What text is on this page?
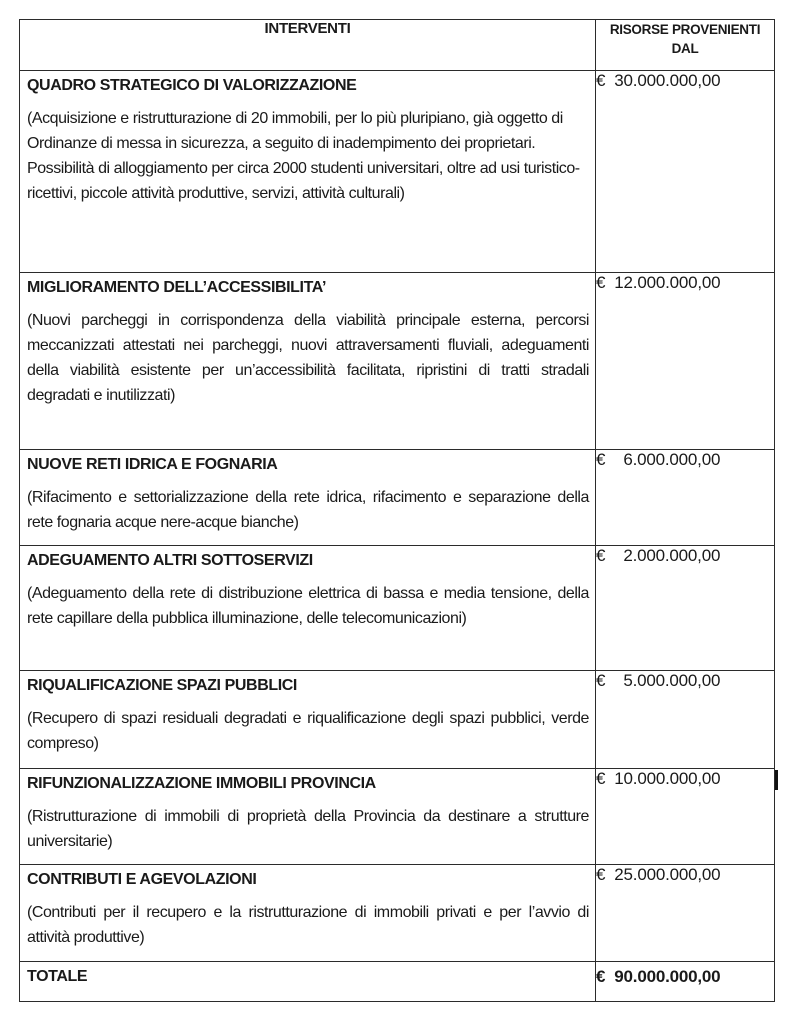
INTERVENTI	RISORSE PROVENIENTI DAL

QUADRO STRATEGICO DI VALORIZZAZIONE
(Acquisizione e ristrutturazione di 20 immobili, per lo più pluripiano, già oggetto di Ordinanze di messa in sicurezza, a seguito di inadempimento dei proprietari. Possibilità di alloggiamento per circa 2000 studenti universitari, oltre ad usi turistico-ricettivi, piccole attività produttive, servizi, attività culturali)	€  30.000.000,00

MIGLIORAMENTO DELL’ACCESSIBILITA’
(Nuovi parcheggi in corrispondenza della viabilità principale esterna, percorsi meccanizzati attestati nei parcheggi, nuovi attraversamenti fluviali, adeguamenti della viabilità esistente per un’accessibilità facilitata, ripristini di tratti stradali degradati e inutilizzati)	€  12.000.000,00

NUOVE RETI IDRICA E FOGNARIA
(Rifacimento e settorializzazione della rete idrica, rifacimento e separazione della rete fognaria acque nere-acque bianche)	€    6.000.000,00

ADEGUAMENTO ALTRI SOTTOSERVIZI
(Adeguamento della rete di distribuzione elettrica di bassa e media tensione, della rete capillare della pubblica illuminazione, delle telecomunicazioni)	€    2.000.000,00

RIQUALIFICAZIONE SPAZI PUBBLICI
(Recupero di spazi residuali degradati e riqualificazione degli spazi pubblici, verde compreso)	€    5.000.000,00

RIFUNZIONALIZZAZIONE IMMOBILI PROVINCIA
(Ristrutturazione di immobili di proprietà della Provincia da destinare a strutture universitarie)	€  10.000.000,00

CONTRIBUTI E AGEVOLAZIONI
(Contributi per il recupero e la ristrutturazione di immobili privati e per l’avvio di attività produttive)	€  25.000.000,00

TOTALE	€  90.000.000,00
